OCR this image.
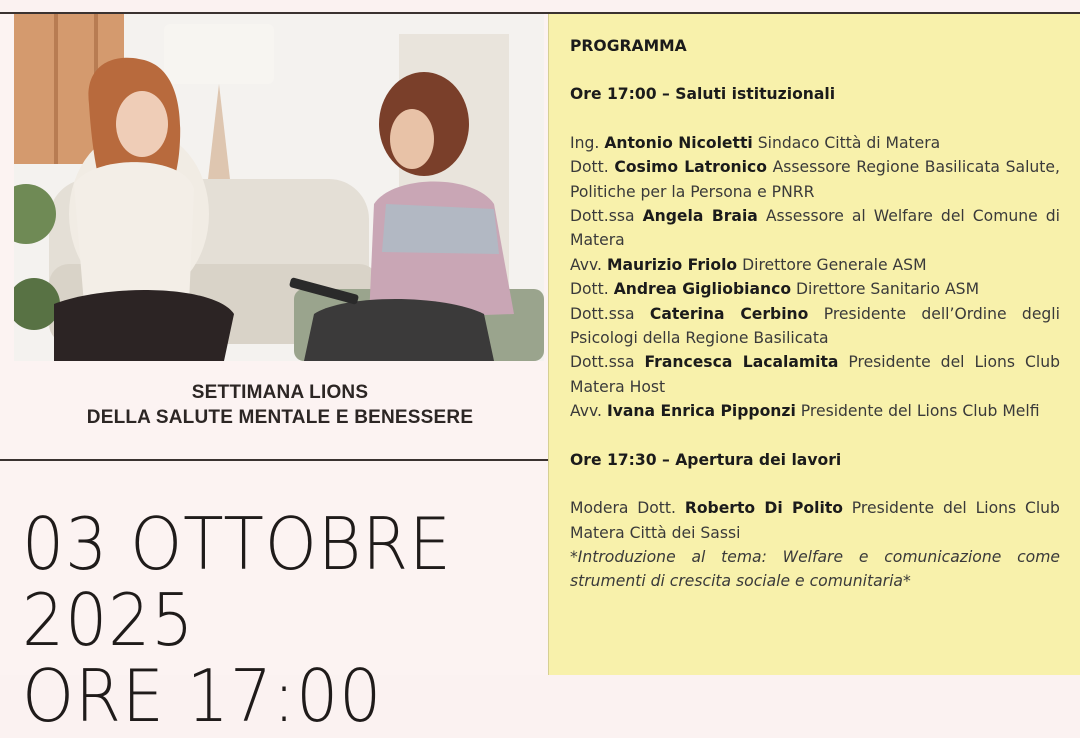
SETTIMANA LIONS
DELLA SALUTE MENTALE E BENESSERE
03 OTTOBRE
2025
ORE 17:00

PROGRAMMA

Ore 17:00 – Saluti istituzionali

Ing. Antonio Nicoletti Sindaco Città di Matera

Dott. Cosimo Latronico Assessore Regione Basilicata Salute, Politiche per la Persona e PNRR

Dott.ssa Angela Braia Assessore al Welfare del Comune di Matera

Avv. Maurizio Friolo Direttore Generale ASM

Dott. Andrea Gigliobianco Direttore Sanitario ASM

Dott.ssa Caterina Cerbino Presidente dell’Ordine degli Psicologi della Regione Basilicata

Dott.ssa Francesca Lacalamita Presidente del Lions Club Matera Host

Avv. Ivana Enrica Pipponzi Presidente del Lions Club Melfi

Ore 17:30 – Apertura dei lavori

Modera Dott. Roberto Di Polito Presidente del Lions Club Matera Città dei Sassi

*Introduzione al tema: Welfare e comunicazione come strumenti di crescita sociale e comunitaria*
